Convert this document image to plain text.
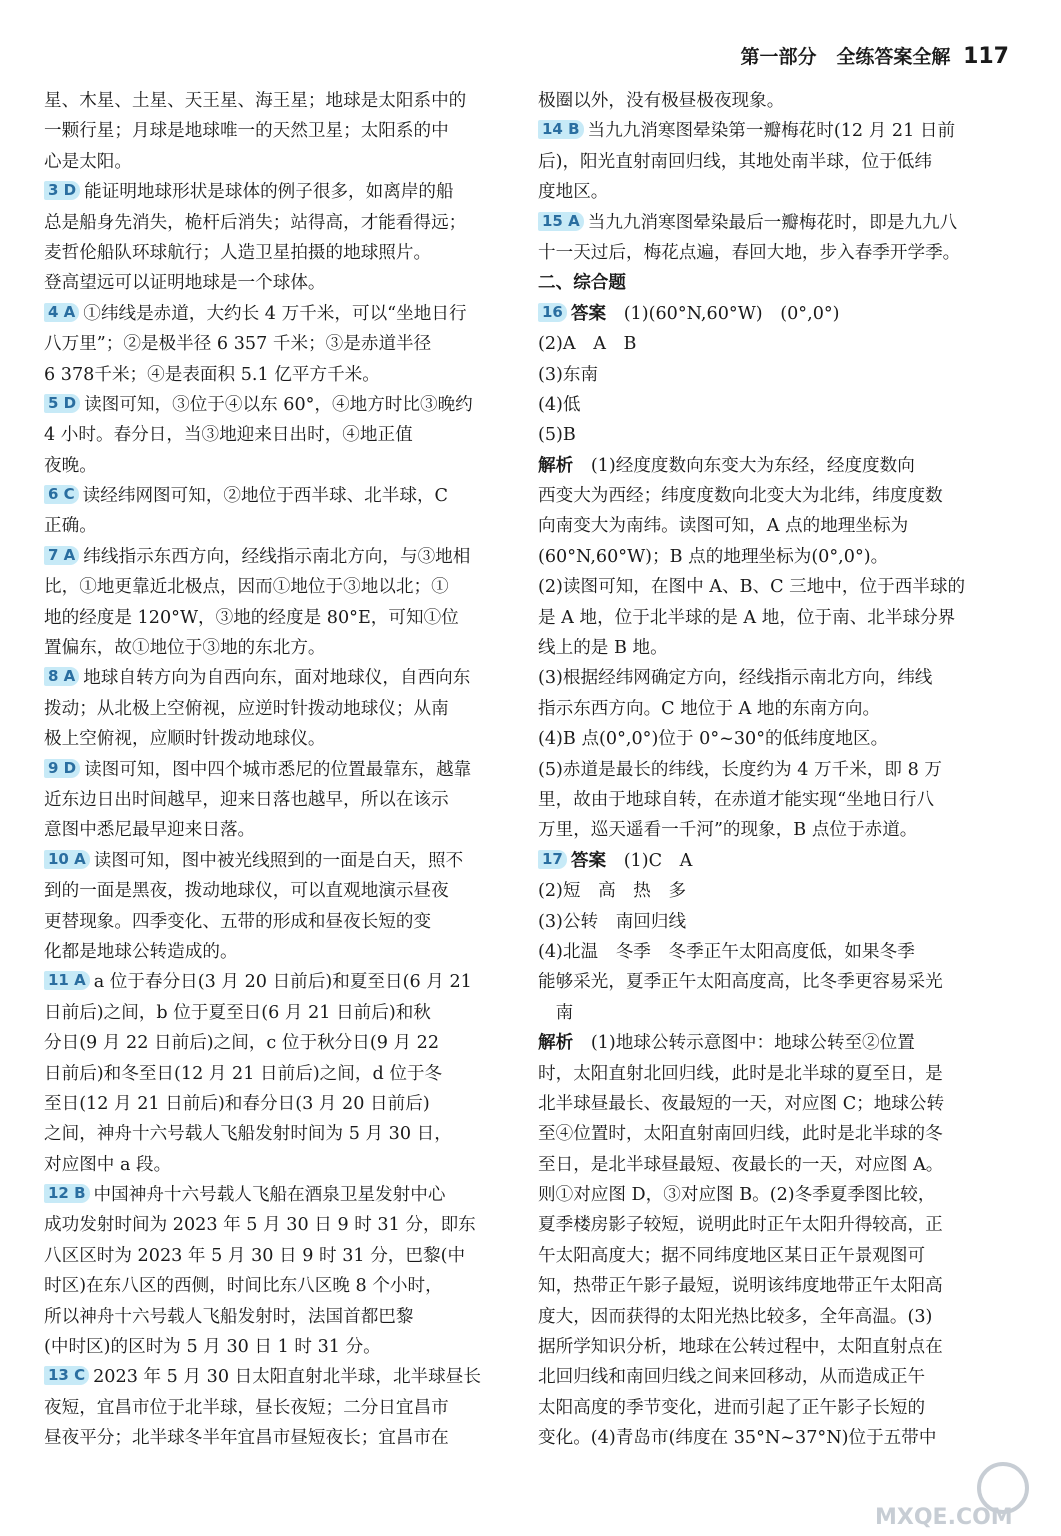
第一部分 全练答案全解 117
星、木星、土星、天王星、海王星；地球是太阳系中的
一颗行星；月球是地球唯一的天然卫星；太阳系的中
心是太阳。
3 D 能证明地球形状是球体的例子很多，如离岸的船
总是船身先消失，桅杆后消失；站得高，才能看得远；
麦哲伦船队环球航行；人造卫星拍摄的地球照片。
登高望远可以证明地球是一个球体。
4 A ①纬线是赤道，大约长 4 万千米，可以“坐地日行
八万里”；②是极半径 6 357 千米；③是赤道半径
6 378千米；④是表面积 5.1 亿平方千米。
5 D 读图可知，③位于④以东 60°，④地方时比③晚约
4 小时。春分日，当③地迎来日出时，④地正值
夜晚。
6 C 读经纬网图可知，②地位于西半球、北半球，C
正确。
7 A 纬线指示东西方向，经线指示南北方向，与③地相
比，①地更靠近北极点，因而①地位于③地以北；①
地的经度是 120°W，③地的经度是 80°E，可知①位
置偏东，故①地位于③地的东北方。
8 A 地球自转方向为自西向东，面对地球仪，自西向东
拨动；从北极上空俯视，应逆时针拨动地球仪；从南
极上空俯视，应顺时针拨动地球仪。
9 D 读图可知，图中四个城市悉尼的位置最靠东，越靠
近东边日出时间越早，迎来日落也越早，所以在该示
意图中悉尼最早迎来日落。
10 A 读图可知，图中被光线照到的一面是白天，照不
到的一面是黑夜，拨动地球仪，可以直观地演示昼夜
更替现象。四季变化、五带的形成和昼夜长短的变
化都是地球公转造成的。
11 A a 位于春分日(3 月 20 日前后)和夏至日(6 月 21
日前后)之间，b 位于夏至日(6 月 21 日前后)和秋
分日(9 月 22 日前后)之间，c 位于秋分日(9 月 22
日前后)和冬至日(12 月 21 日前后)之间，d 位于冬
至日(12 月 21 日前后)和春分日(3 月 20 日前后)
之间，神舟十六号载人飞船发射时间为 5 月 30 日，
对应图中 a 段。
12 B 中国神舟十六号载人飞船在酒泉卫星发射中心
成功发射时间为 2023 年 5 月 30 日 9 时 31 分，即东
八区区时为 2023 年 5 月 30 日 9 时 31 分，巴黎(中
时区)在东八区的西侧，时间比东八区晚 8 个小时，
所以神舟十六号载人飞船发射时，法国首都巴黎
(中时区)的区时为 5 月 30 日 1 时 31 分。
13 C 2023 年 5 月 30 日太阳直射北半球，北半球昼长
夜短，宜昌市位于北半球，昼长夜短；二分日宜昌市
昼夜平分；北半球冬半年宜昌市昼短夜长；宜昌市在
极圈以外，没有极昼极夜现象。
14 B 当九九消寒图晕染第一瓣梅花时(12 月 21 日前
后)，阳光直射南回归线，其地处南半球，位于低纬
度地区。
15 A 当九九消寒图晕染最后一瓣梅花时，即是九九八
十一天过后，梅花点遍，春回大地，步入春季开学季。
二、综合题
16 答案　 (1)(60°N,60°W)　(0°,0°)
(2)A　A　B
(3)东南
(4)低
(5)B
解析　 (1)经度度数向东变大为东经，经度度数向
西变大为西经；纬度度数向北变大为北纬，纬度度数
向南变大为南纬。读图可知，A 点的地理坐标为
(60°N,60°W)；B 点的地理坐标为(0°,0°)。
(2)读图可知，在图中 A、B、C 三地中，位于西半球的
是 A 地，位于北半球的是 A 地，位于南、北半球分界
线上的是 B 地。
(3)根据经纬网确定方向，经线指示南北方向，纬线
指示东西方向。C 地位于 A 地的东南方向。
(4)B 点(0°,0°)位于 0°~30°的低纬度地区。
(5)赤道是最长的纬线，长度约为 4 万千米，即 8 万
里，故由于地球自转，在赤道才能实现“坐地日行八
万里，巡天遥看一千河”的现象，B 点位于赤道。
17 答案　 (1)C　A
(2)短　高　热　多
(3)公转　南回归线
(4)北温　冬季　冬季正午太阳高度低，如果冬季
能够采光，夏季正午太阳高度高，比冬季更容易采光
　南
解析　 (1)地球公转示意图中：地球公转至②位置
时，太阳直射北回归线，此时是北半球的夏至日，是
北半球昼最长、夜最短的一天，对应图 C；地球公转
至④位置时，太阳直射南回归线，此时是北半球的冬
至日，是北半球昼最短、夜最长的一天，对应图 A。
则①对应图 D，③对应图 B。(2)冬季夏季图比较，
夏季楼房影子较短，说明此时正午太阳升得较高，正
午太阳高度大；据不同纬度地区某日正午景观图可
知，热带正午影子最短，说明该纬度地带正午太阳高
度大，因而获得的太阳光热比较多，全年高温。(3)
据所学知识分析，地球在公转过程中，太阳直射点在
北回归线和南回归线之间来回移动，从而造成正午
太阳高度的季节变化，进而引起了正午影子长短的
变化。(4)青岛市(纬度在 35°N~37°N)位于五带中
MXQE.COM
